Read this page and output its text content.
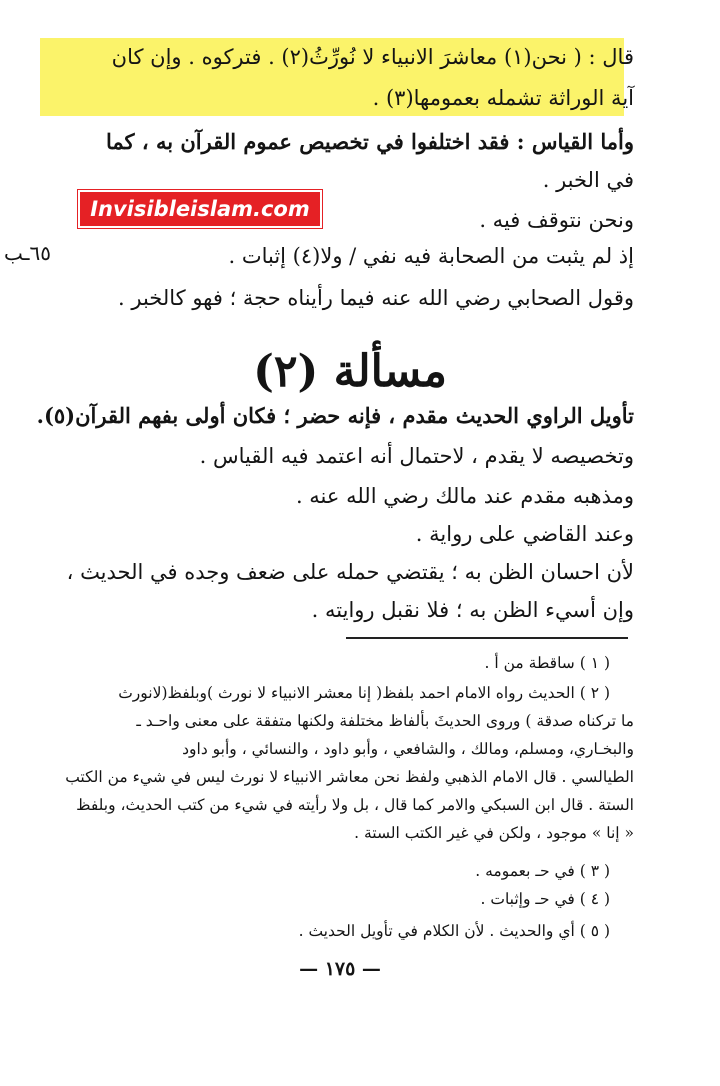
قال : ( نحن(١) معاشرَ الانبياء لا نُورِّثُ(٢) . فتركوه . وإن كان
آية الوراثة تشمله بعمومها(٣) .
وأما القياس : فقد اختلفوا في تخصيص عموم القرآن به ، كما
في الخبر .
Invisibleislam.com	ونحن نتوقف فيه .
إذ لم يثبت من الصحابة فيه نفي / ولا(٤) إثبات .
٦٥ـب
وقول الصحابي رضي الله عنه فيما رأيناه حجة ؛ فهو كالخبر .
مسألة (٢)
تأويل الراوي الحديث مقدم ، فإنه حضر ؛ فكان أولى بفهم القرآن(٥).
وتخصيصه لا يقدم ، لاحتمال أنه اعتمد فيه القياس .
ومذهبه مقدم عند مالك رضي الله عنه .
وعند القاضي على رواية .
لأن احسان الظن به ؛ يقتضي حمله على ضعف وجده في الحديث ،
وإن أسيء الظن به ؛ فلا نقبل روايته .
( ١ ) ساقطة من أ .
( ٢ ) الحديث رواه الامام احمد بلفظ( إنا معشر الانبياء لا نورث )وبلفظ(لانورث
ما تركناه صدقة ) وروى الحديثَ بألفاظ مختلفة ولكنها متفقة على معنى واحـد ـ
والبخـاري، ومسلم، ومالك ، والشافعي ، وأبو داود ، والنسائي ، وأبو داود
الطيالسي . قال الامام الذهبي ولفظ نحن معاشر الانبياء لا نورث ليس في شيء من الكتب
الستة . قال ابن السبكي والامر كما قال ، بل ولا رأيته في شيء من كتب الحديث، وبلفظ
« إنا » موجود ، ولكن في غير الكتب الستة .
( ٣ ) في حـ بعمومه .
( ٤ ) في حـ وإثبات .
( ٥ ) أي والحديث . لأن الكلام في تأويل الحديث .
— ١٧٥ —
